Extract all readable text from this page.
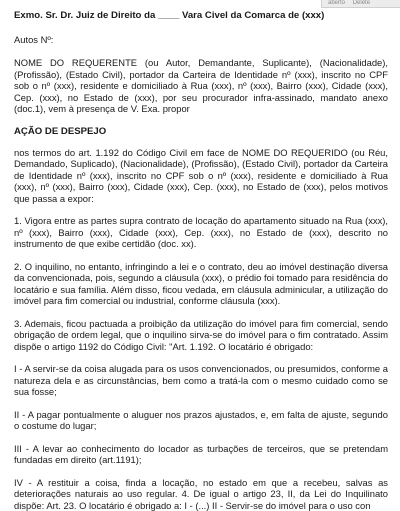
aberto Delete
Exmo. Sr. Dr. Juiz de Direito da ____ Vara Civel da Comarca de (xxx)
Autos Nº:
NOME DO REQUERENTE (ou Autor, Demandante, Suplicante), (Nacionalidade), (Profissão), (Estado Civil), portador da Carteira de Identidade nº (xxx), inscrito no CPF sob o nº (xxx), residente e domiciliado à Rua (xxx), nº (xxx), Bairro (xxx), Cidade (xxx), Cep. (xxx), no Estado de (xxx), por seu procurador infra-assinado, mandato anexo (doc.1), vem à presença de V. Exa. propor
AÇÃO DE DESPEJO
nos termos do art. 1.192 do Código Civil em face de NOME DO REQUERIDO (ou Réu, Demandado, Suplicado), (Nacionalidade), (Profissão), (Estado Civil), portador da Carteira de Identidade nº (xxx), inscrito no CPF sob o nº (xxx), residente e domiciliado à Rua (xxx), nº (xxx), Bairro (xxx), Cidade (xxx), Cep. (xxx), no Estado de (xxx), pelos motivos que passa a expor:
1. Vigora entre as partes supra contrato de locação do apartamento situado na Rua (xxx), nº (xxx), Bairro (xxx), Cidade (xxx), Cep. (xxx), no Estado de (xxx), descrito no instrumento de que exibe certidão (doc. xx).
2. O inquilino, no entanto, infringindo a lei e o contrato, deu ao imóvel destinação diversa da convencionada, pois, segundo a cláusula (xxx), o prédio foi tomado para residência do locatário e sua família. Além disso, ficou vedada, em cláusula adminicular, a utilização do imóvel para fim comercial ou industrial, conforme cláusula (xxx).
3. Ademais, ficou pactuada a proibição da utilização do imóvel para fim comercial, sendo obrigação de ordem legal, que o inquilino sirva-se do imóvel para o fim contratado. Assim dispõe o artigo 1192 do Código Civil: "Art. 1.192. O locatário é obrigado:
I - A servir-se da coisa alugada para os usos convencionados, ou presumidos, conforme a natureza dela e as circunstâncias, bem como a tratá-la com o mesmo cuidado como se sua fosse;
II - A pagar pontualmente o aluguer nos prazos ajustados, e, em falta de ajuste, segundo o costume do lugar;
III - A levar ao conhecimento do locador as turbações de terceiros, que se pretendam fundadas em direito (art.1191);
IV - A restituir a coisa, finda a locação, no estado em que a recebeu, salvas as deteriorações naturais ao uso regular. 4. De igual o artigo 23, II, da Lei do Inquilinato dispõe: Art. 23. O locatário é obrigado a: I - (...) II - Servir-se do imóvel para o uso con
